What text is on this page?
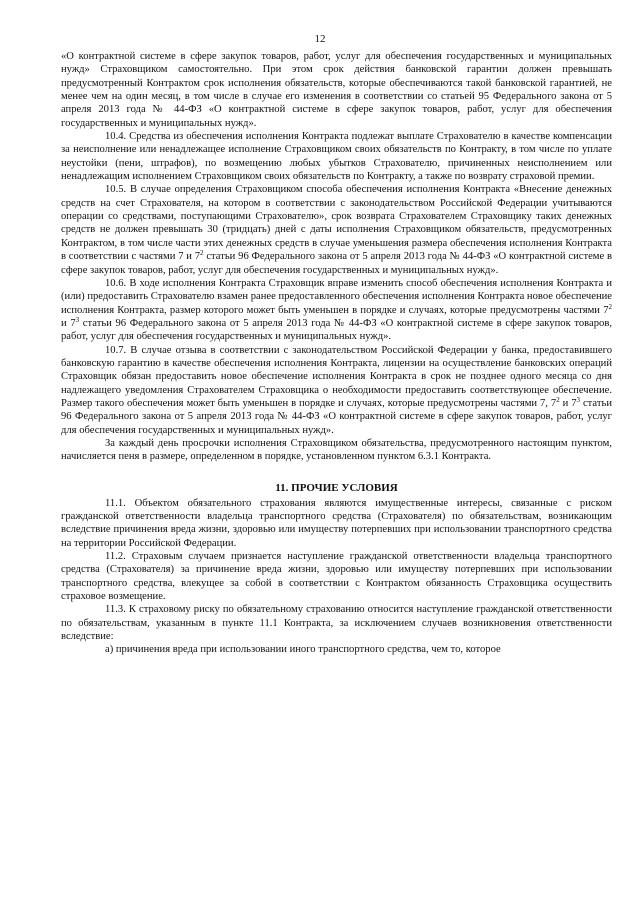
12

«О контрактной системе в сфере закупок товаров, работ, услуг для обеспечения государственных и муниципальных нужд» Страховщиком самостоятельно. При этом срок действия банковской гарантии должен превышать предусмотренный Контрактом срок исполнения обязательств, которые обеспечиваются такой банковской гарантией, не менее чем на один месяц, в том числе в случае его изменения в соответствии со статьей 95 Федерального закона от 5 апреля 2013 года № 44-ФЗ «О контрактной системе в сфере закупок товаров, работ, услуг для обеспечения государственных и муниципальных нужд».

10.4. Средства из обеспечения исполнения Контракта подлежат выплате Страхователю в качестве компенсации за неисполнение или ненадлежащее исполнение Страховщиком своих обязательств по Контракту, в том числе по уплате неустойки (пени, штрафов), по возмещению любых убытков Страхователю, причиненных неисполнением или ненадлежащим исполнением Страховщиком своих обязательств по Контракту, а также по возврату страховой премии.

10.5. В случае определения Страховщиком способа обеспечения исполнения Контракта «Внесение денежных средств на счет Страхователя, на котором в соответствии с законодательством Российской Федерации учитываются операции со средствами, поступающими Страхователю», срок возврата Страхователем Страховщику таких денежных средств не должен превышать 30 (тридцать) дней с даты исполнения Страховщиком обязательств, предусмотренных Контрактом, в том числе части этих денежных средств в случае уменьшения размера обеспечения исполнения Контракта в соответствии с частями 7 и $7^2$ статьи 96 Федерального закона от 5 апреля 2013 года № 44-ФЗ «О контрактной системе в сфере закупок товаров, работ, услуг для обеспечения государственных и муниципальных нужд».

10.6. В ходе исполнения Контракта Страховщик вправе изменить способ обеспечения исполнения Контракта и (или) предоставить Страхователю взамен ранее предоставленного обеспечения исполнения Контракта новое обеспечение исполнения Контракта, размер которого может быть уменьшен в порядке и случаях, которые предусмотрены частями $7^2$ и $7^3$ статьи 96 Федерального закона от 5 апреля 2013 года № 44-ФЗ «О контрактной системе в сфере закупок товаров, работ, услуг для обеспечения государственных и муниципальных нужд».

10.7. В случае отзыва в соответствии с законодательством Российской Федерации у банка, предоставившего банковскую гарантию в качестве обеспечения исполнения Контракта, лицензии на осуществление банковских операций Страховщик обязан предоставить новое обеспечение исполнения Контракта в срок не позднее одного месяца со дня надлежащего уведомления Страхователем Страховщика о необходимости предоставить соответствующее обеспечение. Размер такого обеспечения может быть уменьшен в порядке и случаях, которые предусмотрены частями 7, $7^2$ и $7^3$ статьи 96 Федерального закона от 5 апреля 2013 года № 44-ФЗ «О контрактной системе в сфере закупок товаров, работ, услуг для обеспечения государственных и муниципальных нужд».

За каждый день просрочки исполнения Страховщиком обязательства, предусмотренного настоящим пунктом, начисляется пеня в размере, определенном в порядке, установленном пунктом 6.3.1 Контракта.

11. ПРОЧИЕ УСЛОВИЯ

11.1. Объектом обязательного страхования являются имущественные интересы, связанные с риском гражданской ответственности владельца транспортного средства (Страхователя) по обязательствам, возникающим вследствие причинения вреда жизни, здоровью или имуществу потерпевших при использовании транспортного средства на территории Российской Федерации.

11.2. Страховым случаем признается наступление гражданской ответственности владельца транспортного средства (Страхователя) за причинение вреда жизни, здоровью или имуществу потерпевших при использовании транспортного средства, влекущее за собой в соответствии с Контрактом обязанность Страховщика осуществить страховое возмещение.

11.3. К страховому риску по обязательному страхованию относится наступление гражданской ответственности по обязательствам, указанным в пункте 11.1 Контракта, за исключением случаев возникновения ответственности вследствие:

а) причинения вреда при использовании иного транспортного средства, чем то, которое
